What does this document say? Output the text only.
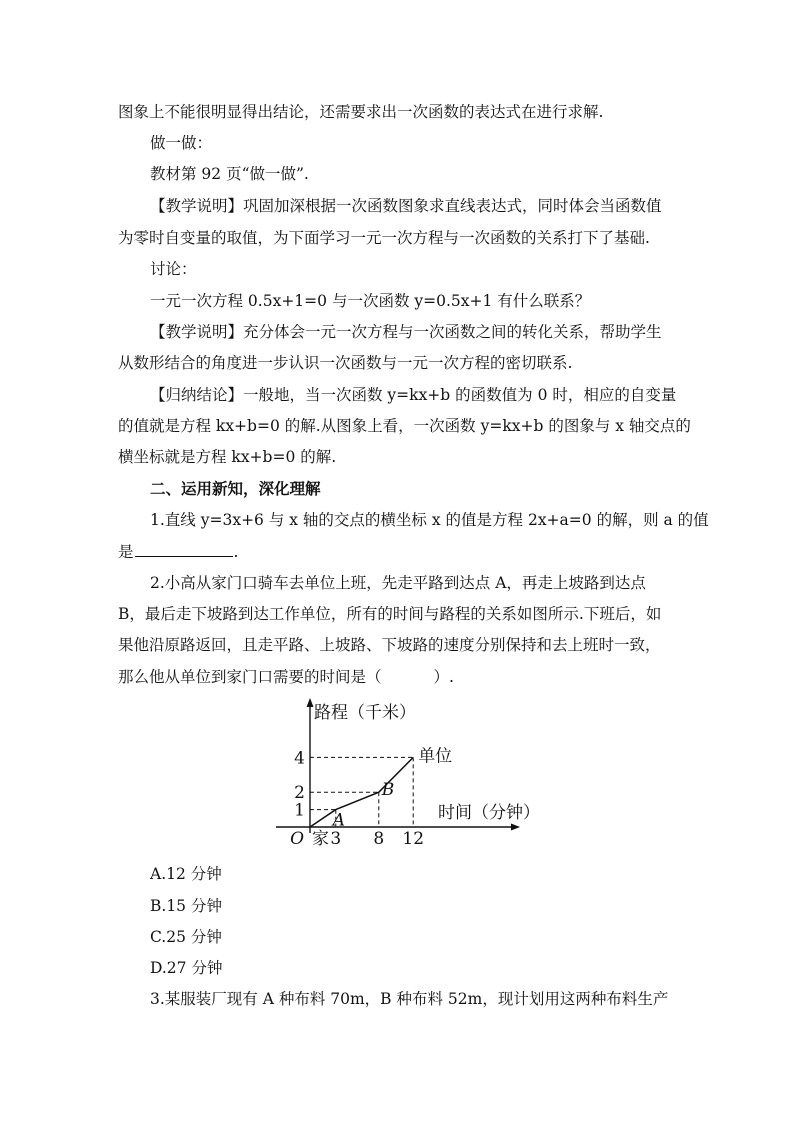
图象上不能很明显得出结论，还需要求出一次函数的表达式在进行求解.
做一做：
教材第 92 页“做一做”.
【教学说明】巩固加深根据一次函数图象求直线表达式，同时体会当函数值
为零时自变量的取值，为下面学习一元一次方程与一次函数的关系打下了基础.
讨论：
一元一次方程 0.5x+1=0 与一次函数 y=0.5x+1 有什么联系？
【教学说明】充分体会一元一次方程与一次函数之间的转化关系，帮助学生
从数形结合的角度进一步认识一次函数与一元一次方程的密切联系.
【归纳结论】一般地，当一次函数 y=kx+b 的函数值为 0 时，相应的自变量
的值就是方程 kx+b=0 的解.从图象上看，一次函数 y=kx+b 的图象与 x 轴交点的
横坐标就是方程 kx+b=0 的解.
二、运用新知，深化理解
1.直线 y=3x+6 与 x 轴的交点的横坐标 x 的值是方程 2x+a=0 的解，则 a 的值
是	.
2.小高从家门口骑车去单位上班，先走平路到达点 A，再走上坡路到达点
B，最后走下坡路到达工作单位，所有的时间与路程的关系如图所示.下班后，如
果他沿原路返回，且走平路、上坡路、下坡路的速度分别保持和去上班时一致，
那么他从单位到家门口需要的时间是（	）.
路程（千米）
时间（分钟）
3 8 12
1
2
4
O 家
单位
A
B
A.12 分钟
B.15 分钟
C.25 分钟
D.27 分钟
3.某服装厂现有 A 种布料 70m，B 种布料 52m，现计划用这两种布料生产
